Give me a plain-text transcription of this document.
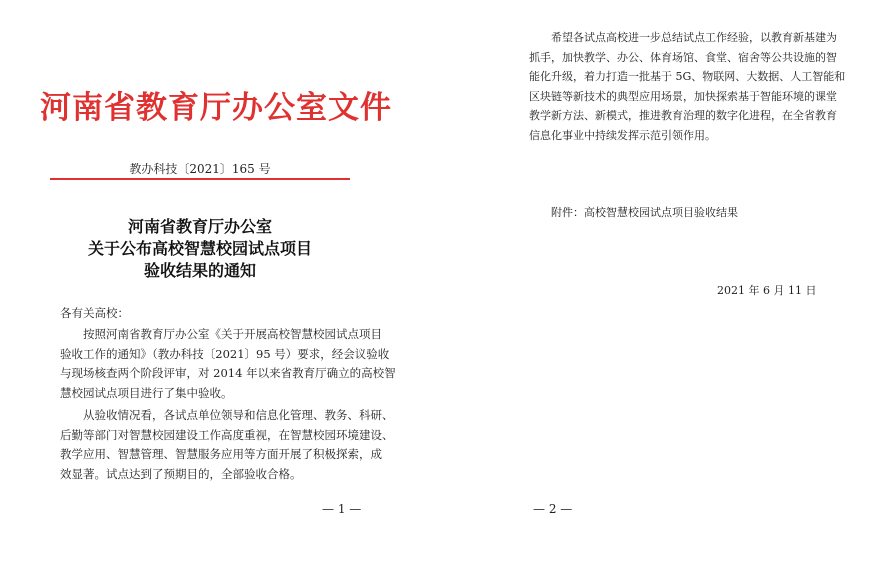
河南省教育厅办公室文件
教办科技〔2021〕165 号
河南省教育厅办公室
关于公布高校智慧校园试点项目
验收结果的通知
各有关高校：
按照河南省教育厅办公室《关于开展高校智慧校园试点项目
验收工作的通知》（教办科技〔2021〕95 号）要求，经会议验收
与现场核查两个阶段评审，对 2014 年以来省教育厅确立的高校智
慧校园试点项目进行了集中验收。
从验收情况看，各试点单位领导和信息化管理、教务、科研、
后勤等部门对智慧校园建设工作高度重视，在智慧校园环境建设、
教学应用、智慧管理、智慧服务应用等方面开展了积极探索，成
效显著。试点达到了预期目的，全部验收合格。
— 1 —
希望各试点高校进一步总结试点工作经验，以教育新基建为
抓手，加快教学、办公、体育场馆、食堂、宿舍等公共设施的智
能化升级，着力打造一批基于 5G、物联网、大数据、人工智能和
区块链等新技术的典型应用场景，加快探索基于智能环境的课堂
教学新方法、新模式，推进教育治理的数字化进程，在全省教育
信息化事业中持续发挥示范引领作用。
附件：高校智慧校园试点项目验收结果
2021 年 6 月 11 日
— 2 —
